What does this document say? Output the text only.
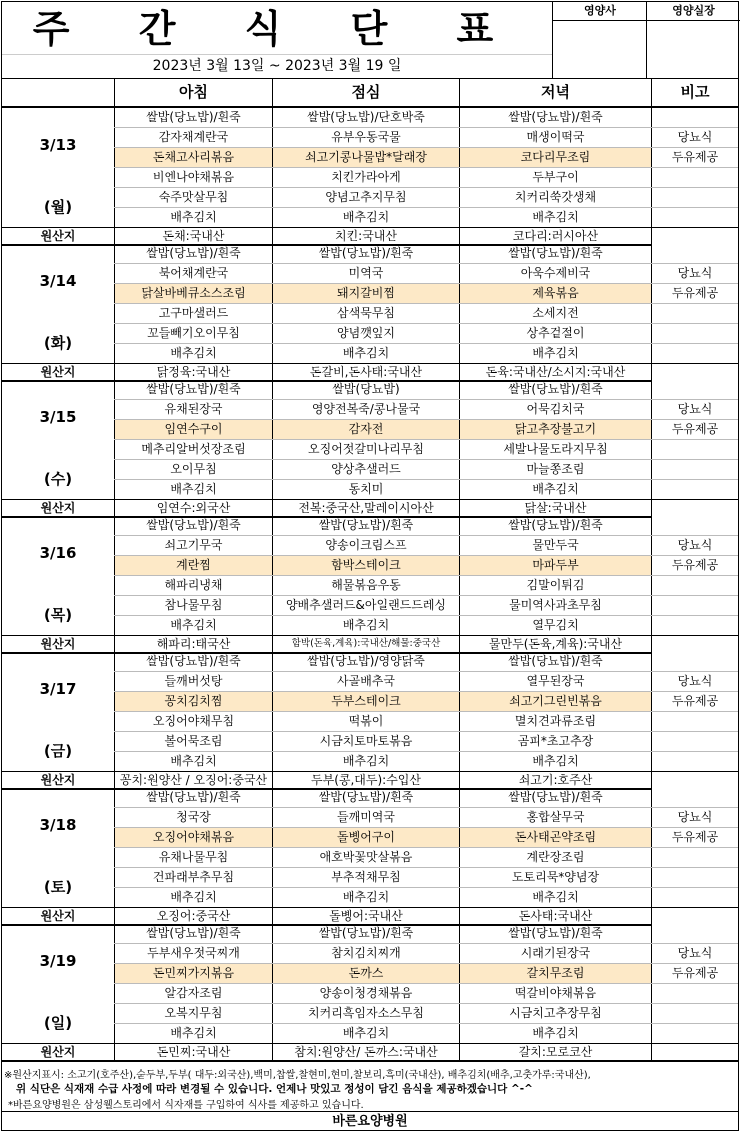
주 간 식 단 표
2023년 3월 13일 ~ 2023년 3월 19 일
영양사	영양실장
아침	점심	저녁	비고
3/13
(월)
쌀밥(당뇨밥)/흰죽	쌀밥(당뇨밥)/단호박죽	쌀밥(당뇨밥)/흰죽
감자채계란국	유부우동국물	매생이떡국	당뇨식
돈채고사리볶음	쇠고기콩나물밥*달래장	코다리무조림	두유제공
비엔나야채볶음	치킨가라아게	두부구이
숙주맛살무침	양념고추지무침	치커리쑥갓생채
배추김치	배추김치	배추김치
원산지	돈채:국내산	치킨:국내산	코다리:러시아산
3/14
(화)
쌀밥(당뇨밥)/흰죽	쌀밥(당뇨밥)/흰죽	쌀밥(당뇨밥)/흰죽
북어채계란국	미역국	아욱수제비국	당뇨식
닭살바베큐소스조림	돼지갈비찜	제육볶음	두유제공
고구마샐러드	삼색묵무침	소세지전
꼬들빼기오이무침	양념깻잎지	상추겉절이
배추김치	배추김치	배추김치
원산지	닭정육:국내산	돈갈비,돈사태:국내산	돈육:국내산/소시지:국내산
3/15
(수)
쌀밥(당뇨밥)/흰죽	쌀밥(당뇨밥)	쌀밥(당뇨밥)/흰죽
유채된장국	영양전복죽/콩나물국	어묵김치국	당뇨식
임연수구이	감자전	닭고추장불고기	두유제공
메추리알버섯장조림	오징어젓갈미나리무침	세발나물도라지무침
오이무침	양상추샐러드	마늘쫑조림
배추김치	동치미	배추김치
원산지	임연수:외국산	전복:중국산,말레이시아산	닭살:국내산
3/16
(목)
쌀밥(당뇨밥)/흰죽	쌀밥(당뇨밥)/흰죽	쌀밥(당뇨밥)/흰죽
쇠고기무국	양송이크림스프	물만두국	당뇨식
계란찜	함박스테이크	마파두부	두유제공
해파리냉채	해물볶음우동	김말이튀김
참나물무침	양배추샐러드&아일랜드드레싱	물미역사과초무침
배추김치	배추김치	열무김치
원산지	해파리:태국산	함박(돈육,계육):국내산/해물:중국산	물만두(돈육,계육):국내산
3/17
(금)
쌀밥(당뇨밥)/흰죽	쌀밥(당뇨밥)/영양닭죽	쌀밥(당뇨밥)/흰죽
들깨버섯탕	사골배추국	열무된장국	당뇨식
꽁치김치찜	두부스테이크	쇠고기그린빈볶음	두유제공
오징어야채무침	떡볶이	멸치견과류조림
볼어묵조림	시금치토마토볶음	곰피*초고추장
배추김치	배추김치	배추김치
원산지	꽁치:원양산 / 오징어:중국산	두부(콩,대두):수입산	쇠고기:호주산
3/18
(토)
쌀밥(당뇨밥)/흰죽	쌀밥(당뇨밥)/흰죽	쌀밥(당뇨밥)/흰죽
청국장	들깨미역국	홍합살무국	당뇨식
오징어야채볶음	돌볭어구이	돈사태곤약조림	두유제공
유채나물무침	애호박꽃맛살볶음	계란장조림
건파래부추무침	부추적채무침	도토리묵*양념장
배추김치	배추김치	배추김치
원산지	오징어:중국산	돌볭어:국내산	돈사태:국내산
3/19
(일)
쌀밥(당뇨밥)/흰죽	쌀밥(당뇨밥)/흰죽	쌀밥(당뇨밥)/흰죽
두부새우젓국찌개	참치김치찌개	시래기된장국	당뇨식
돈민찌가지볶음	돈까스	갈치무조림	두유제공
알감자조림	양송이청경채볶음	떡갈비야채볶음
오복지무침	치커리흑임자소스무침	시금치고추장무침
배추김치	배추김치	배추김치
원산지	돈민찌:국내산	참치:원양산/ 돈까스:국내산	갈치:모로코산
※원산지표시: 소고기(호주산),숟두부,두부( 대두:외국산),백미,찹쌀,찰현미,현미,찰보리,흑미(국내산), 배추김치(배추,고춧가루:국내산),
위 식단은 식재재 수급 사정에 따라 변경될 수 있습니다. 언제나 맛있고 정성이 담긴 음식을 제공하겠습니다 ^-^
*바른요양병원은 삼성웰스토리에서 식자재를 구입하여 식사를 제공하고 있습니다.
바른요양병원
